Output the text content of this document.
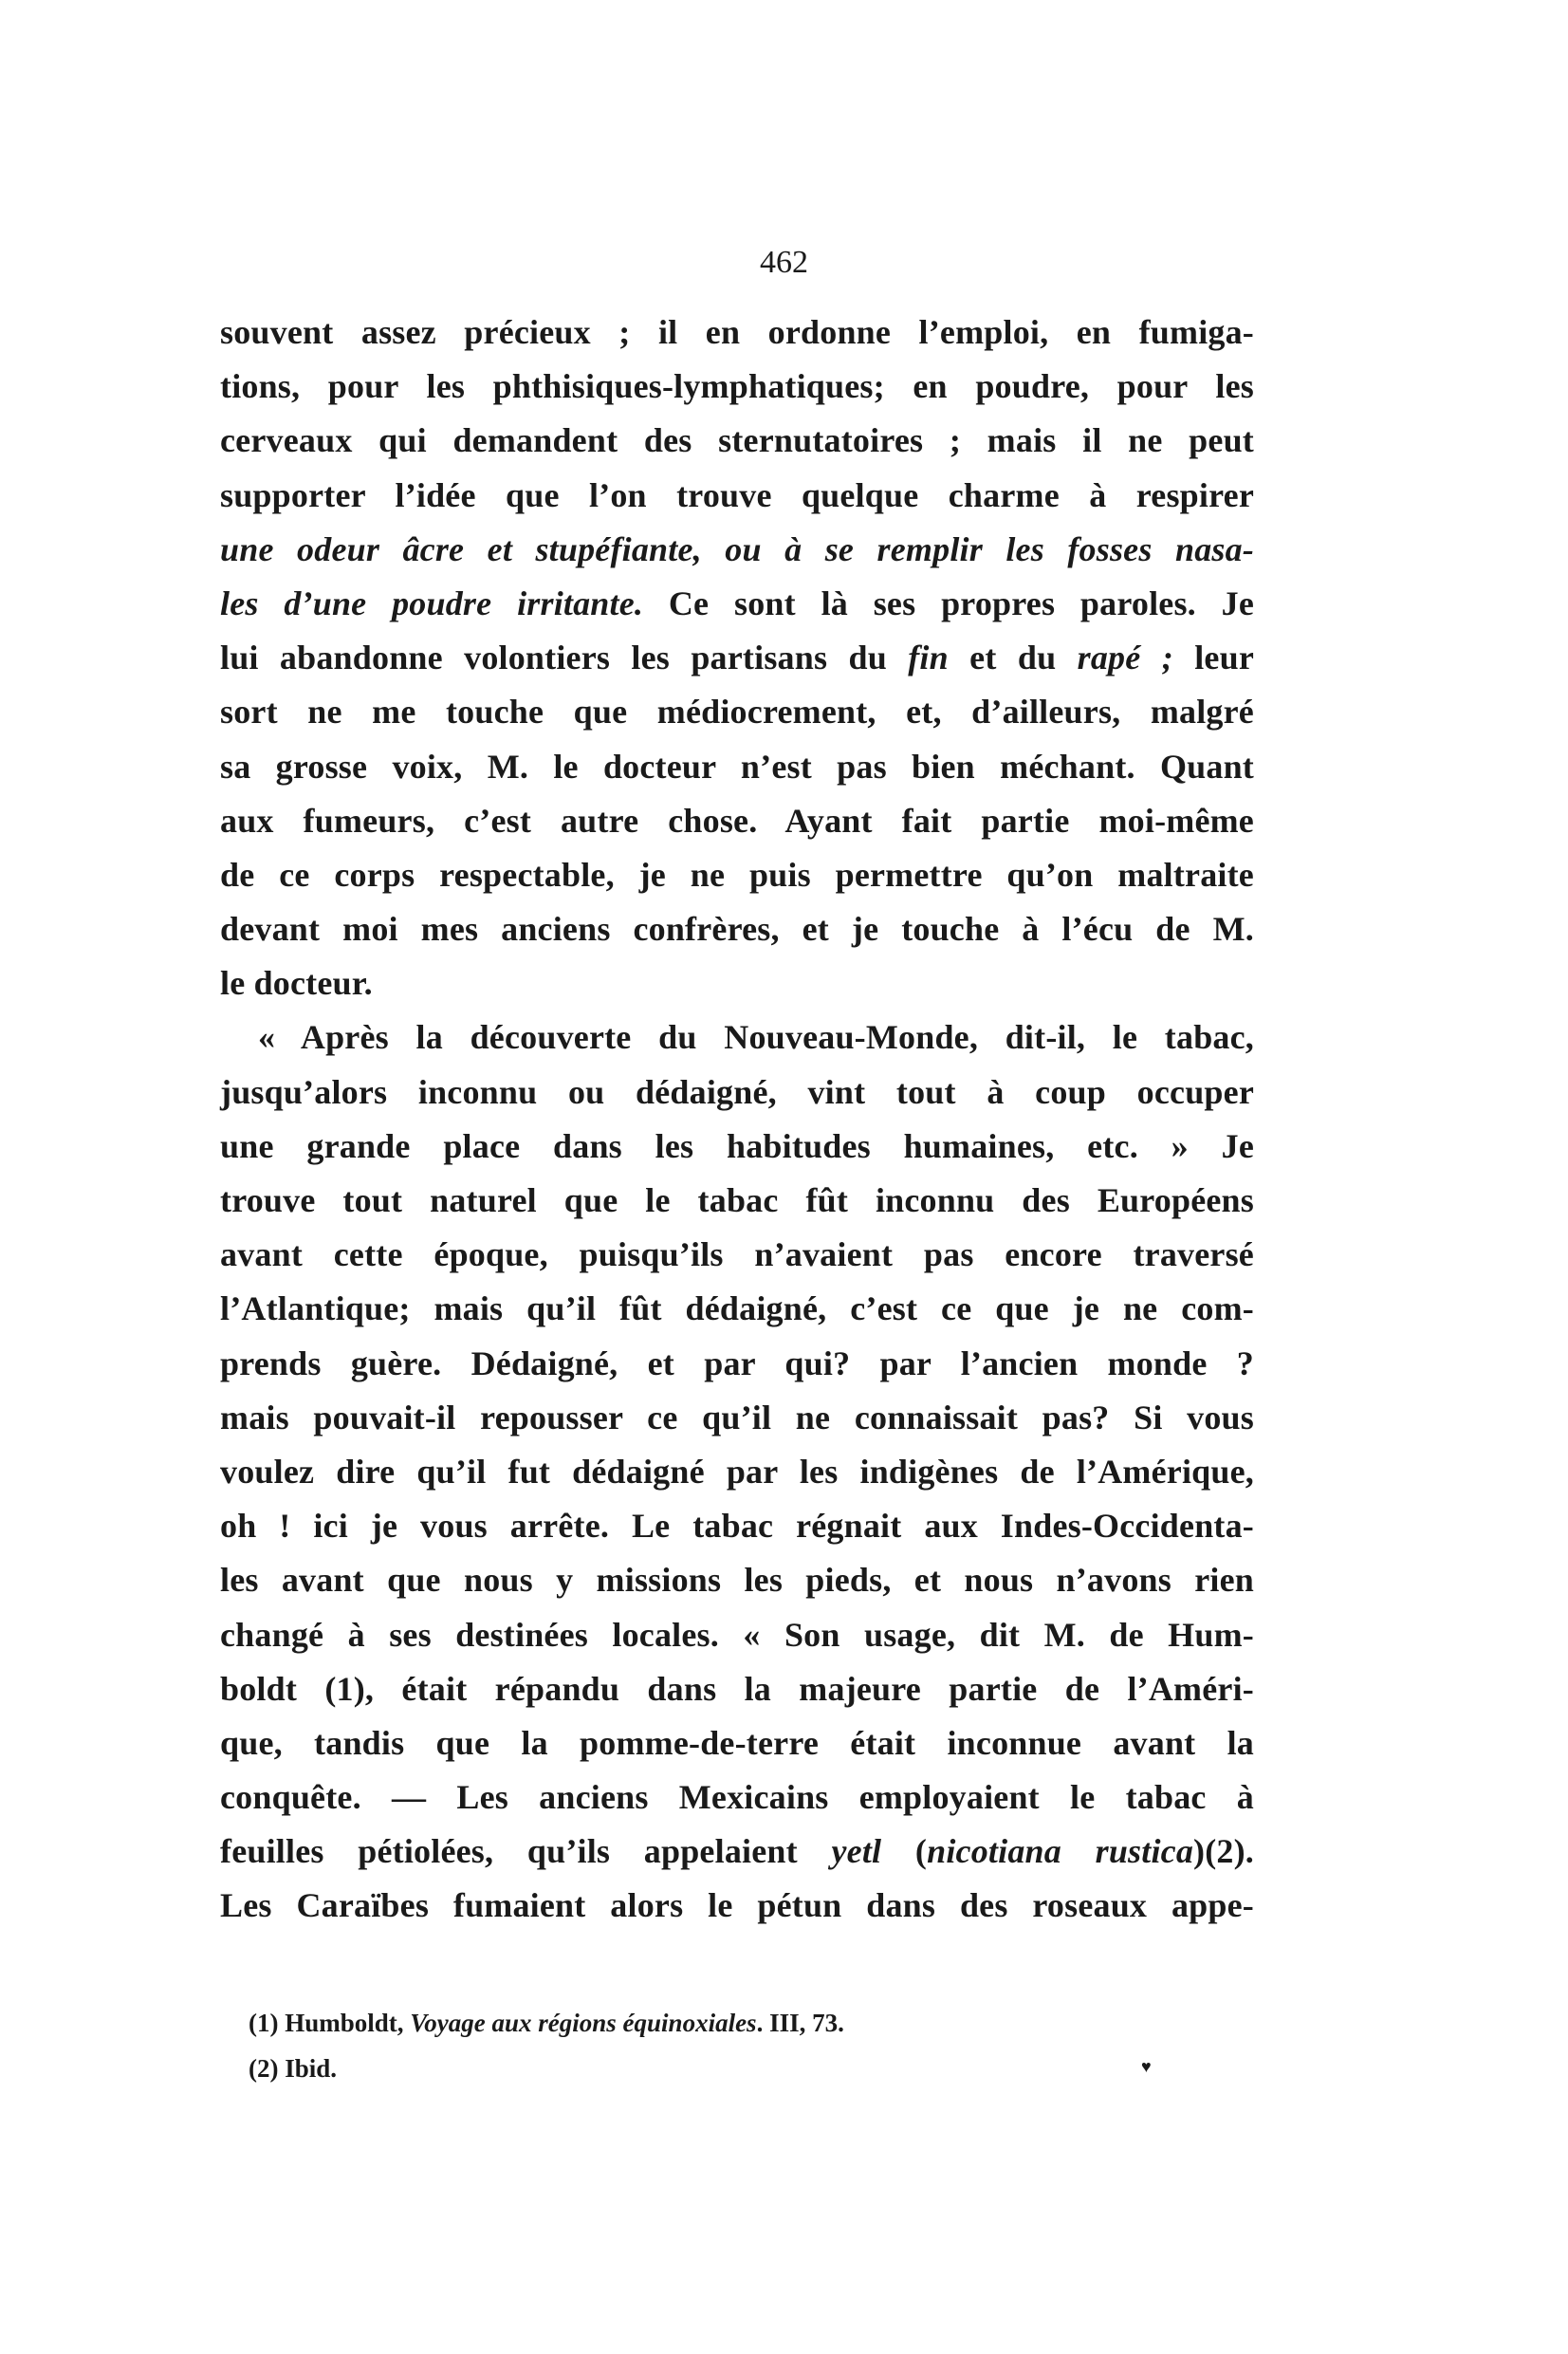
462
souvent assez précieux ; il en ordonne l’emploi, en fumiga-
tions, pour les phthisiques-lymphatiques; en poudre, pour les
cerveaux qui demandent des sternutatoires ; mais il ne peut
supporter l’idée que l’on trouve quelque charme à respirer
une odeur âcre et stupéfiante, ou à se remplir les fosses nasa-
les d’une poudre irritante. Ce sont là ses propres paroles. Je
lui abandonne volontiers les partisans du fin et du rapé ; leur
sort ne me touche que médiocrement, et, d’ailleurs, malgré
sa grosse voix, M. le docteur n’est pas bien méchant. Quant
aux fumeurs, c’est autre chose. Ayant fait partie moi-même
de ce corps respectable, je ne puis permettre qu’on maltraite
devant moi mes anciens confrères, et je touche à l’écu de M.
le docteur.
« Après la découverte du Nouveau-Monde, dit-il, le tabac,
jusqu’alors inconnu ou dédaigné, vint tout à coup occuper
une grande place dans les habitudes humaines, etc. » Je
trouve tout naturel que le tabac fût inconnu des Européens
avant cette époque, puisqu’ils n’avaient pas encore traversé
l’Atlantique; mais qu’il fût dédaigné, c’est ce que je ne com-
prends guère. Dédaigné, et par qui? par l’ancien monde ?
mais pouvait-il repousser ce qu’il ne connaissait pas? Si vous
voulez dire qu’il fut dédaigné par les indigènes de l’Amérique,
oh ! ici je vous arrête. Le tabac régnait aux Indes-Occidenta-
les avant que nous y missions les pieds, et nous n’avons rien
changé à ses destinées locales. « Son usage, dit M. de Hum-
boldt (1), était répandu dans la majeure partie de l’Améri-
que, tandis que la pomme-de-terre était inconnue avant la
conquête. — Les anciens Mexicains employaient le tabac à
feuilles pétiolées, qu’ils appelaient yetl (nicotiana rustica)(2).
Les Caraïbes fumaient alors le pétun dans des roseaux appe-
(1) Humboldt, Voyage aux régions équinoxiales. III, 73.
(2) Ibid.	♥
